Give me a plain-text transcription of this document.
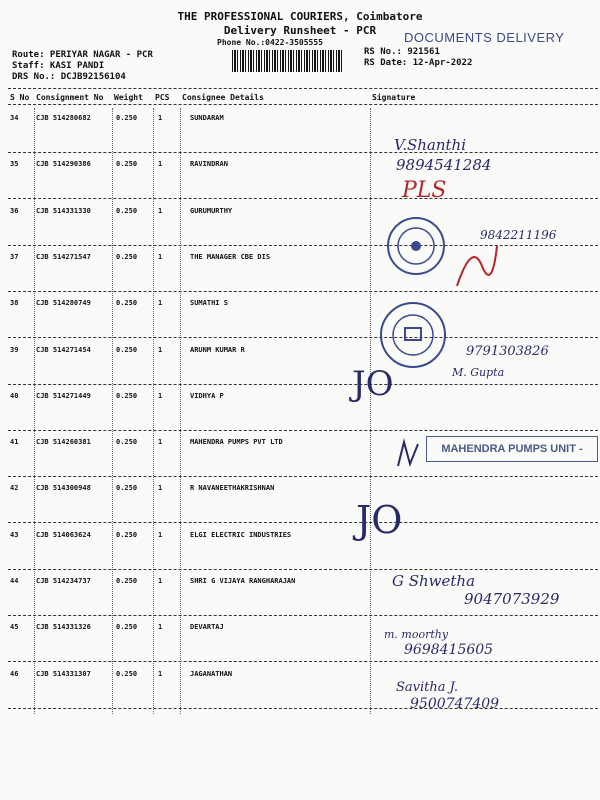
THE PROFESSIONAL COURIERS, Coimbatore
Delivery Runsheet - PCR
Phone No.:0422-3505555	DOCUMENTS DELIVERY
Route: PERIYAR NAGAR - PCR
Staff: KASI PANDI
DRS No.: DCJB92156104
RS No.: 921561
RS Date: 12-Apr-2022
S No Consignment No Weight PCS Consignee Details	Signature
34	CJB 514280682	0.250	1	SUNDARAM
35	CJB 514290386	0.250	1	RAVINDRAN
36	CJB 514331330	0.250	1	GURUMURTHY
37	CJB 514271547	0.250	1	THE MANAGER CBE DIS
38	CJB 514280749	0.250	1	SUMATHI S
39	CJB 514271454	0.250	1	ARUNM KUMAR R
40	CJB 514271449	0.250	1	VIDHYA P
41	CJB 514260381	0.250	1	MAHENDRA PUMPS PVT LTD
42	CJB 514300948	0.250	1	R NAVANEETHAKRISHNAN
43	CJB 514063624	0.250	1	ELGI ELECTRIC INDUSTRIES
44	CJB 514234737	0.250	1	SHRI G VIJAYA RANGHARAJAN
45	CJB 514331326	0.250	1	DEVARTAJ
46	CJB 514331307	0.250	1	JAGANATHAN
V.Shanthi
9894541284
PLS
9842211196
9791303826
M. Gupta
JO
MAHENDRA PUMPS UNIT -
JO
G Shwetha
9047073929
m. moorthy
9698415605
Savitha J.
9500747409
